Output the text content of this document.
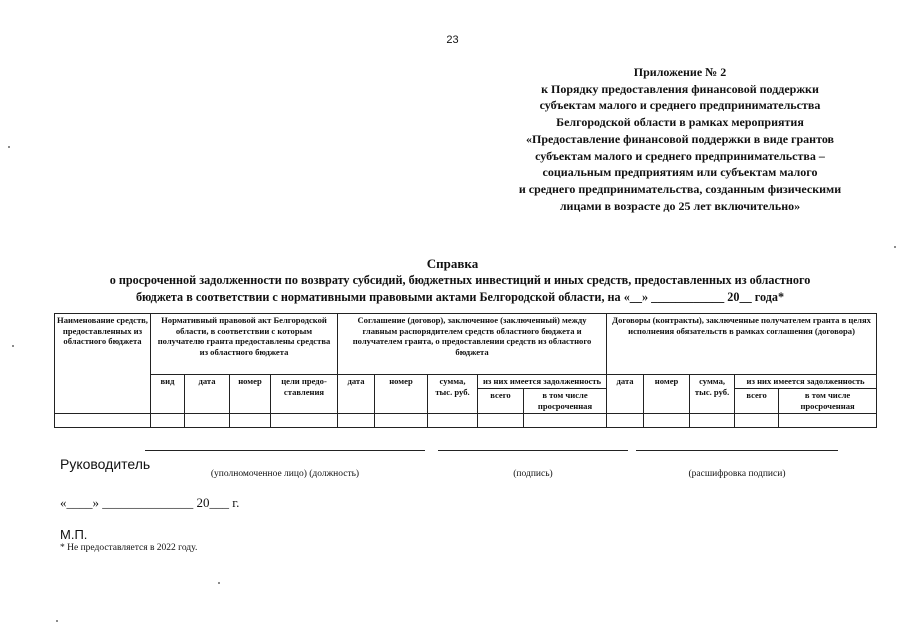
23
Приложение № 2
к Порядку предоставления финансовой поддержки
субъектам малого и среднего предпринимательства
Белгородской области в рамках мероприятия
«Предоставление финансовой поддержки в виде грантов
субъектам малого и среднего предпринимательства –
социальным предприятиям или субъектам малого
и среднего предпринимательства, созданным физическими
лицами в возрасте до 25 лет включительно»
Справка
о просроченной задолженности по возврату субсидий, бюджетных инвестиций и иных средств, предоставленных из областного
бюджета в соответствии с нормативными правовыми актами Белгородской области, на «__» ____________ 20__ года*
Наименование средств, предоставленных из областного бюджета	Нормативный правовой акт Белгородской области, в соответствии с которым получателю гранта предоставлены средства из областного бюджета				Соглашение (договор), заключенное (заключенный) между главным распорядителем средств областного бюджета и получателем гранта, о предоставлении средств из областного бюджета					Договоры (контракты), заключенные получателем гранта в целях исполнения обязательств в рамках соглашения (договора)				
	вид	дата	номер	цели предо-ставления	дата	номер	сумма, тыс. руб.	из них имеется задолженность		дата	номер	сумма, тыс. руб.	из них имеется задолженность	
								всего	в том числе просроченная				всего	в том числе просроченная

Руководитель
(уполномоченное лицо) (должность)	(подпись)	(расшифровка подписи)
«____» ______________ 20___ г.
М.П.
* Не предоставляется в 2022 году.
